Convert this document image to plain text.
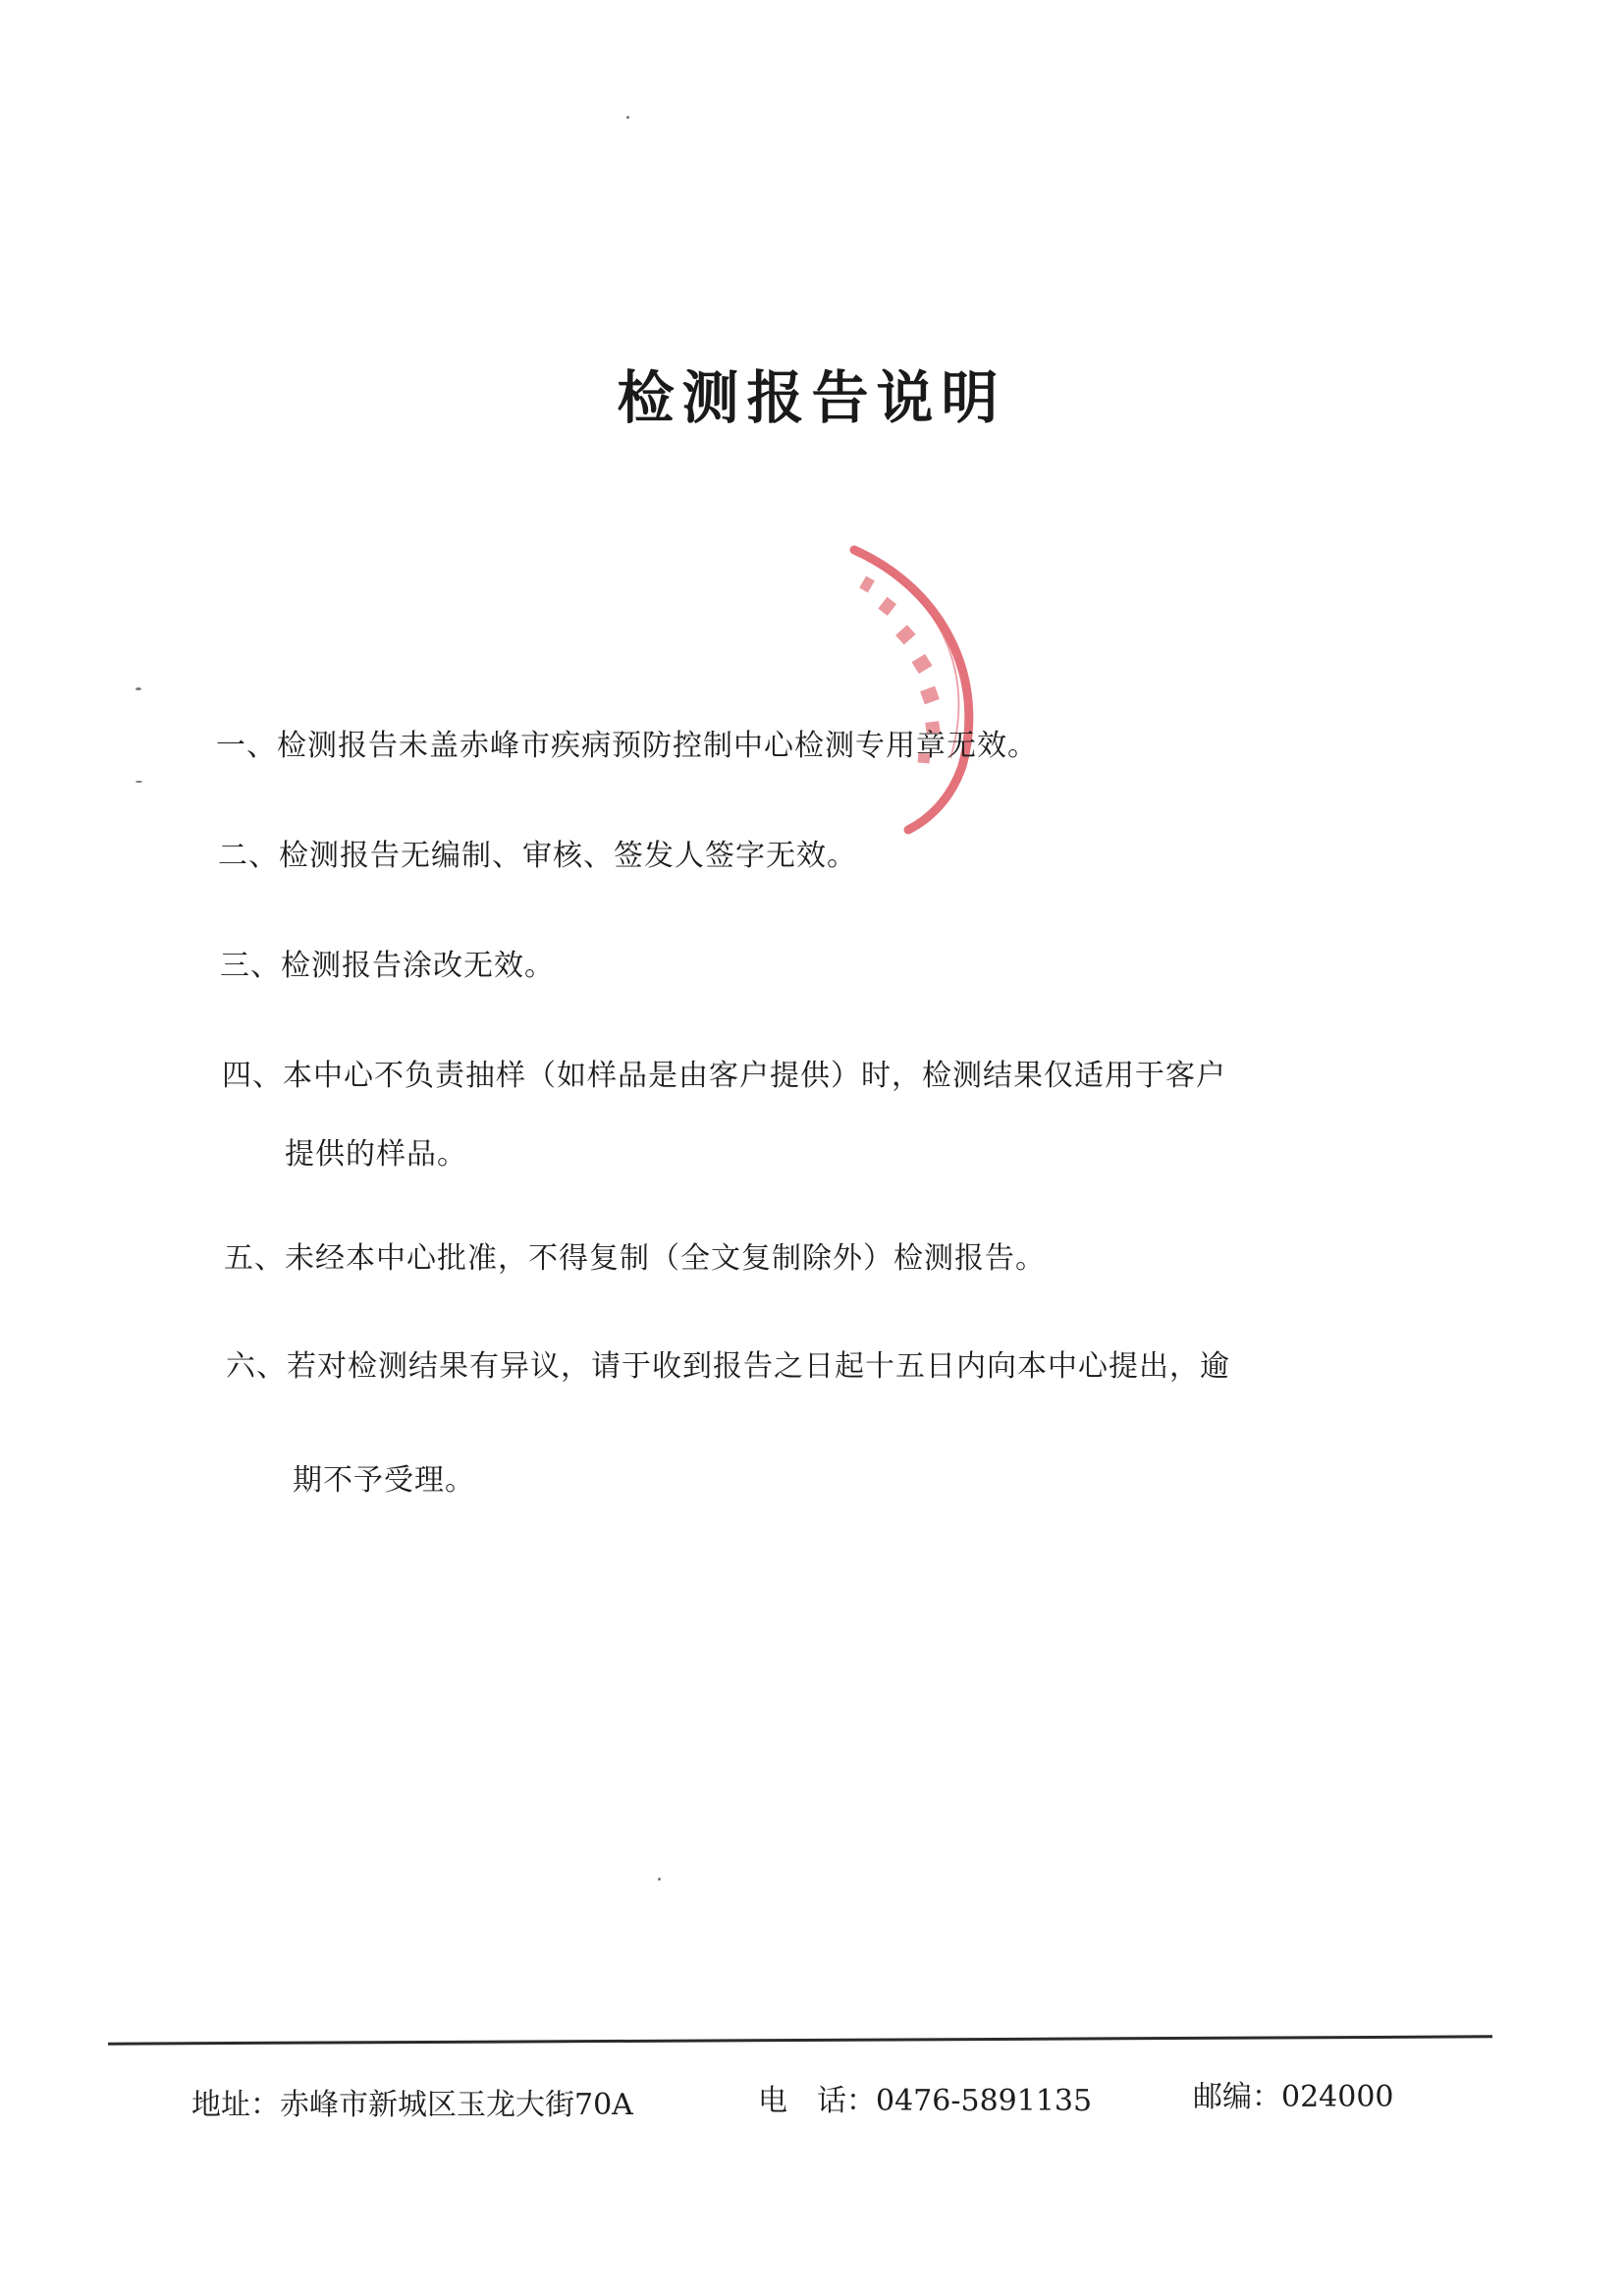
检测报告说明
一、检测报告未盖赤峰市疾病预防控制中心检测专用章无效。
二、检测报告无编制、审核、签发人签字无效。
三、检测报告涂改无效。
四、本中心不负责抽样（如样品是由客户提供）时，检测结果仅适用于客户
提供的样品。
五、未经本中心批准，不得复制（全文复制除外）检测报告。
六、若对检测结果有异议，请于收到报告之日起十五日内向本中心提出，逾
期不予受理。
地址：赤峰市新城区玉龙大街70A	电　话：0476-5891135	邮编：024000
